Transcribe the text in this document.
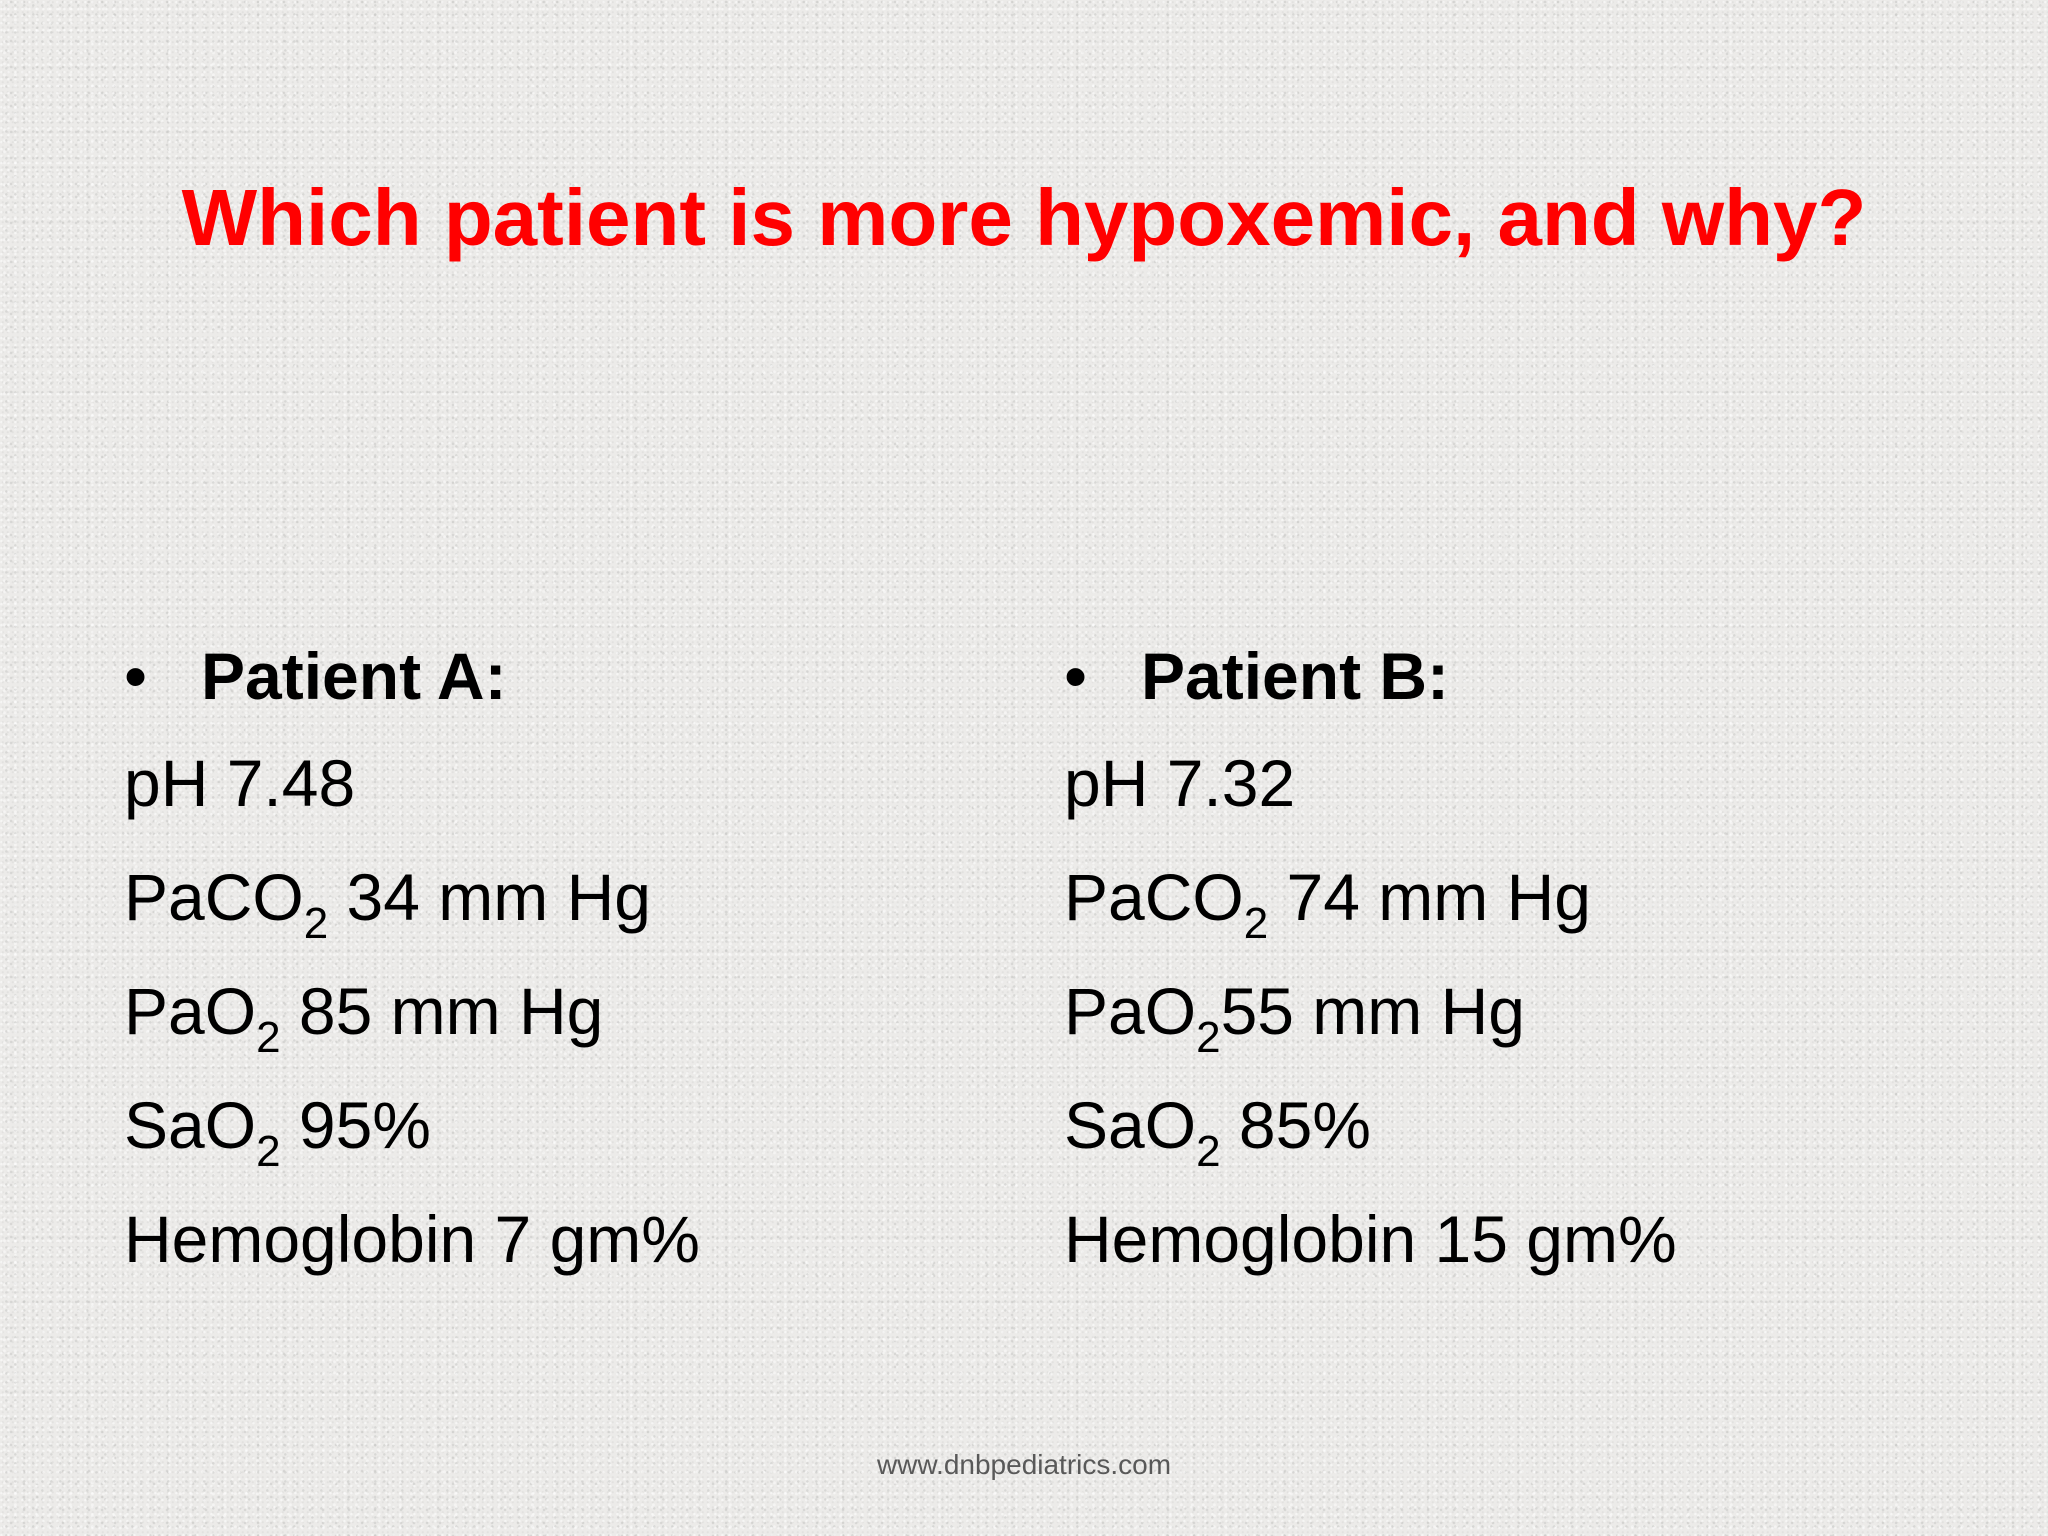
Which patient is more hypoxemic, and why?
• Patient A:
pH 7.48
PaCO$_2$ 34 mm Hg
PaO$_2$ 85 mm Hg
SaO$_2$ 95%
Hemoglobin 7 gm%
• Patient B:
pH 7.32
PaCO$_2$ 74 mm Hg
PaO$_2$55 mm Hg
SaO$_2$ 85%
Hemoglobin 15 gm%
www.dnbpediatrics.com
